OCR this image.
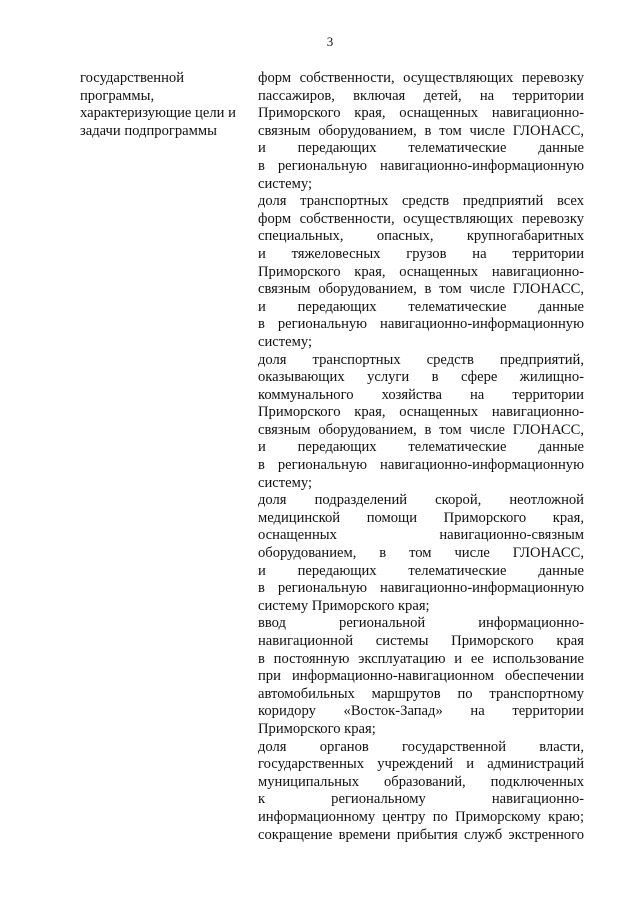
3
государственной
программы,
характеризующие цели и
задачи подпрограммы
форм собственности, осуществляющих перевозку
пассажиров, включая детей, на территории
Приморского края, оснащенных навигационно-
связным оборудованием, в том числе ГЛОНАСС,
и передающих телематические данные
в региональную навигационно-информационную
систему;
доля транспортных средств предприятий всех
форм собственности, осуществляющих перевозку
специальных, опасных, крупногабаритных
и тяжеловесных грузов на территории
Приморского края, оснащенных навигационно-
связным оборудованием, в том числе ГЛОНАСС,
и передающих телематические данные
в региональную навигационно-информационную
систему;
доля транспортных средств предприятий,
оказывающих услуги в сфере жилищно-
коммунального хозяйства на территории
Приморского края, оснащенных навигационно-
связным оборудованием, в том числе ГЛОНАСС,
и передающих телематические данные
в региональную навигационно-информационную
систему;
доля подразделений скорой, неотложной
медицинской помощи Приморского края,
оснащенных навигационно-связным
оборудованием, в том числе ГЛОНАСС,
и передающих телематические данные
в региональную навигационно-информационную
систему Приморского края;
ввод региональной информационно-
навигационной системы Приморского края
в постоянную эксплуатацию и ее использование
при информационно-навигационном обеспечении
автомобильных маршрутов по транспортному
коридору «Восток-Запад» на территории
Приморского края;
доля органов государственной власти,
государственных учреждений и администраций
муниципальных образований, подключенных
к региональному навигационно-
информационному центру по Приморскому краю;
сокращение времени прибытия служб экстренного
